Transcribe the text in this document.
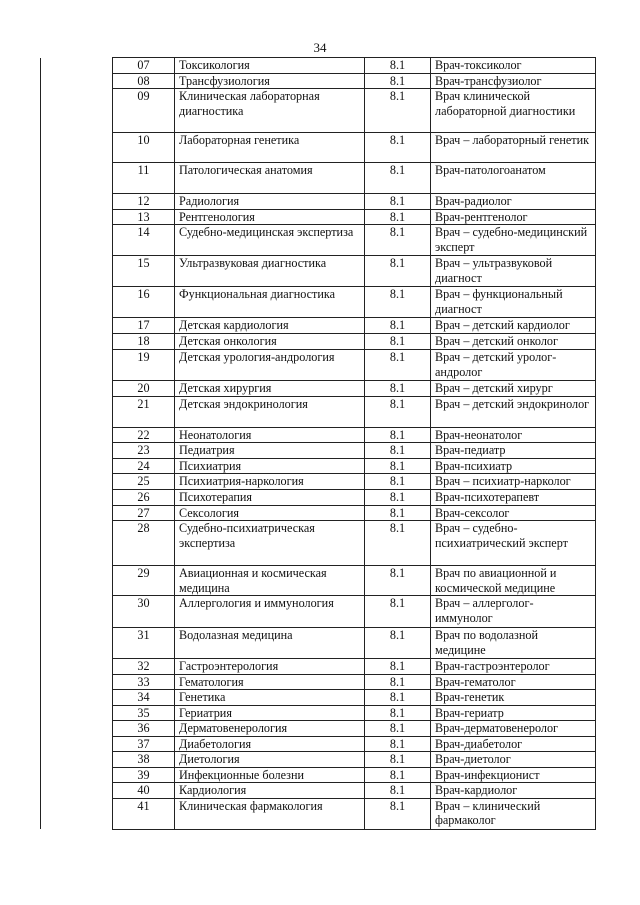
34
	07	Токсикология	8.1	Врач-токсиколог
	08	Трансфузиология	8.1	Врач-трансфузиолог
	09	Клиническая лабораторная диагностика	8.1	Врач клинической лабораторной диагностики
	10	Лабораторная генетика	8.1	Врач – лабораторный генетик
	11	Патологическая анатомия	8.1	Врач-патологоанатом
	12	Радиология	8.1	Врач-радиолог
	13	Рентгенология	8.1	Врач-рентгенолог
	14	Судебно-медицинская экспертиза	8.1	Врач – судебно-медицинский эксперт
	15	Ультразвуковая диагностика	8.1	Врач – ультразвуковой диагност
	16	Функциональная диагностика	8.1	Врач – функциональный диагност
	17	Детская кардиология	8.1	Врач – детский кардиолог
	18	Детская онкология	8.1	Врач – детский онколог
	19	Детская урология-андрология	8.1	Врач – детский уролог-андролог
	20	Детская хирургия	8.1	Врач – детский хирург
	21	Детская эндокринология	8.1	Врач – детский эндокринолог
	22	Неонатология	8.1	Врач-неонатолог
	23	Педиатрия	8.1	Врач-педиатр
	24	Психиатрия	8.1	Врач-психиатр
	25	Психиатрия-наркология	8.1	Врач – психиатр-нарколог
	26	Психотерапия	8.1	Врач-психотерапевт
	27	Сексология	8.1	Врач-сексолог
	28	Судебно-психиатрическая экспертиза	8.1	Врач – судебно-психиатрический эксперт
	29	Авиационная и космическая медицина	8.1	Врач по авиационной и космической медицине
	30	Аллергология и иммунология	8.1	Врач – аллерголог-иммунолог
	31	Водолазная медицина	8.1	Врач по водолазной медицине
	32	Гастроэнтерология	8.1	Врач-гастроэнтеролог
	33	Гематология	8.1	Врач-гематолог
	34	Генетика	8.1	Врач-генетик
	35	Гериатрия	8.1	Врач-гериатр
	36	Дерматовенерология	8.1	Врач-дерматовенеролог
	37	Диабетология	8.1	Врач-диабетолог
	38	Диетология	8.1	Врач-диетолог
	39	Инфекционные болезни	8.1	Врач-инфекционист
	40	Кардиология	8.1	Врач-кардиолог
	41	Клиническая фармакология	8.1	Врач – клинический фармаколог
